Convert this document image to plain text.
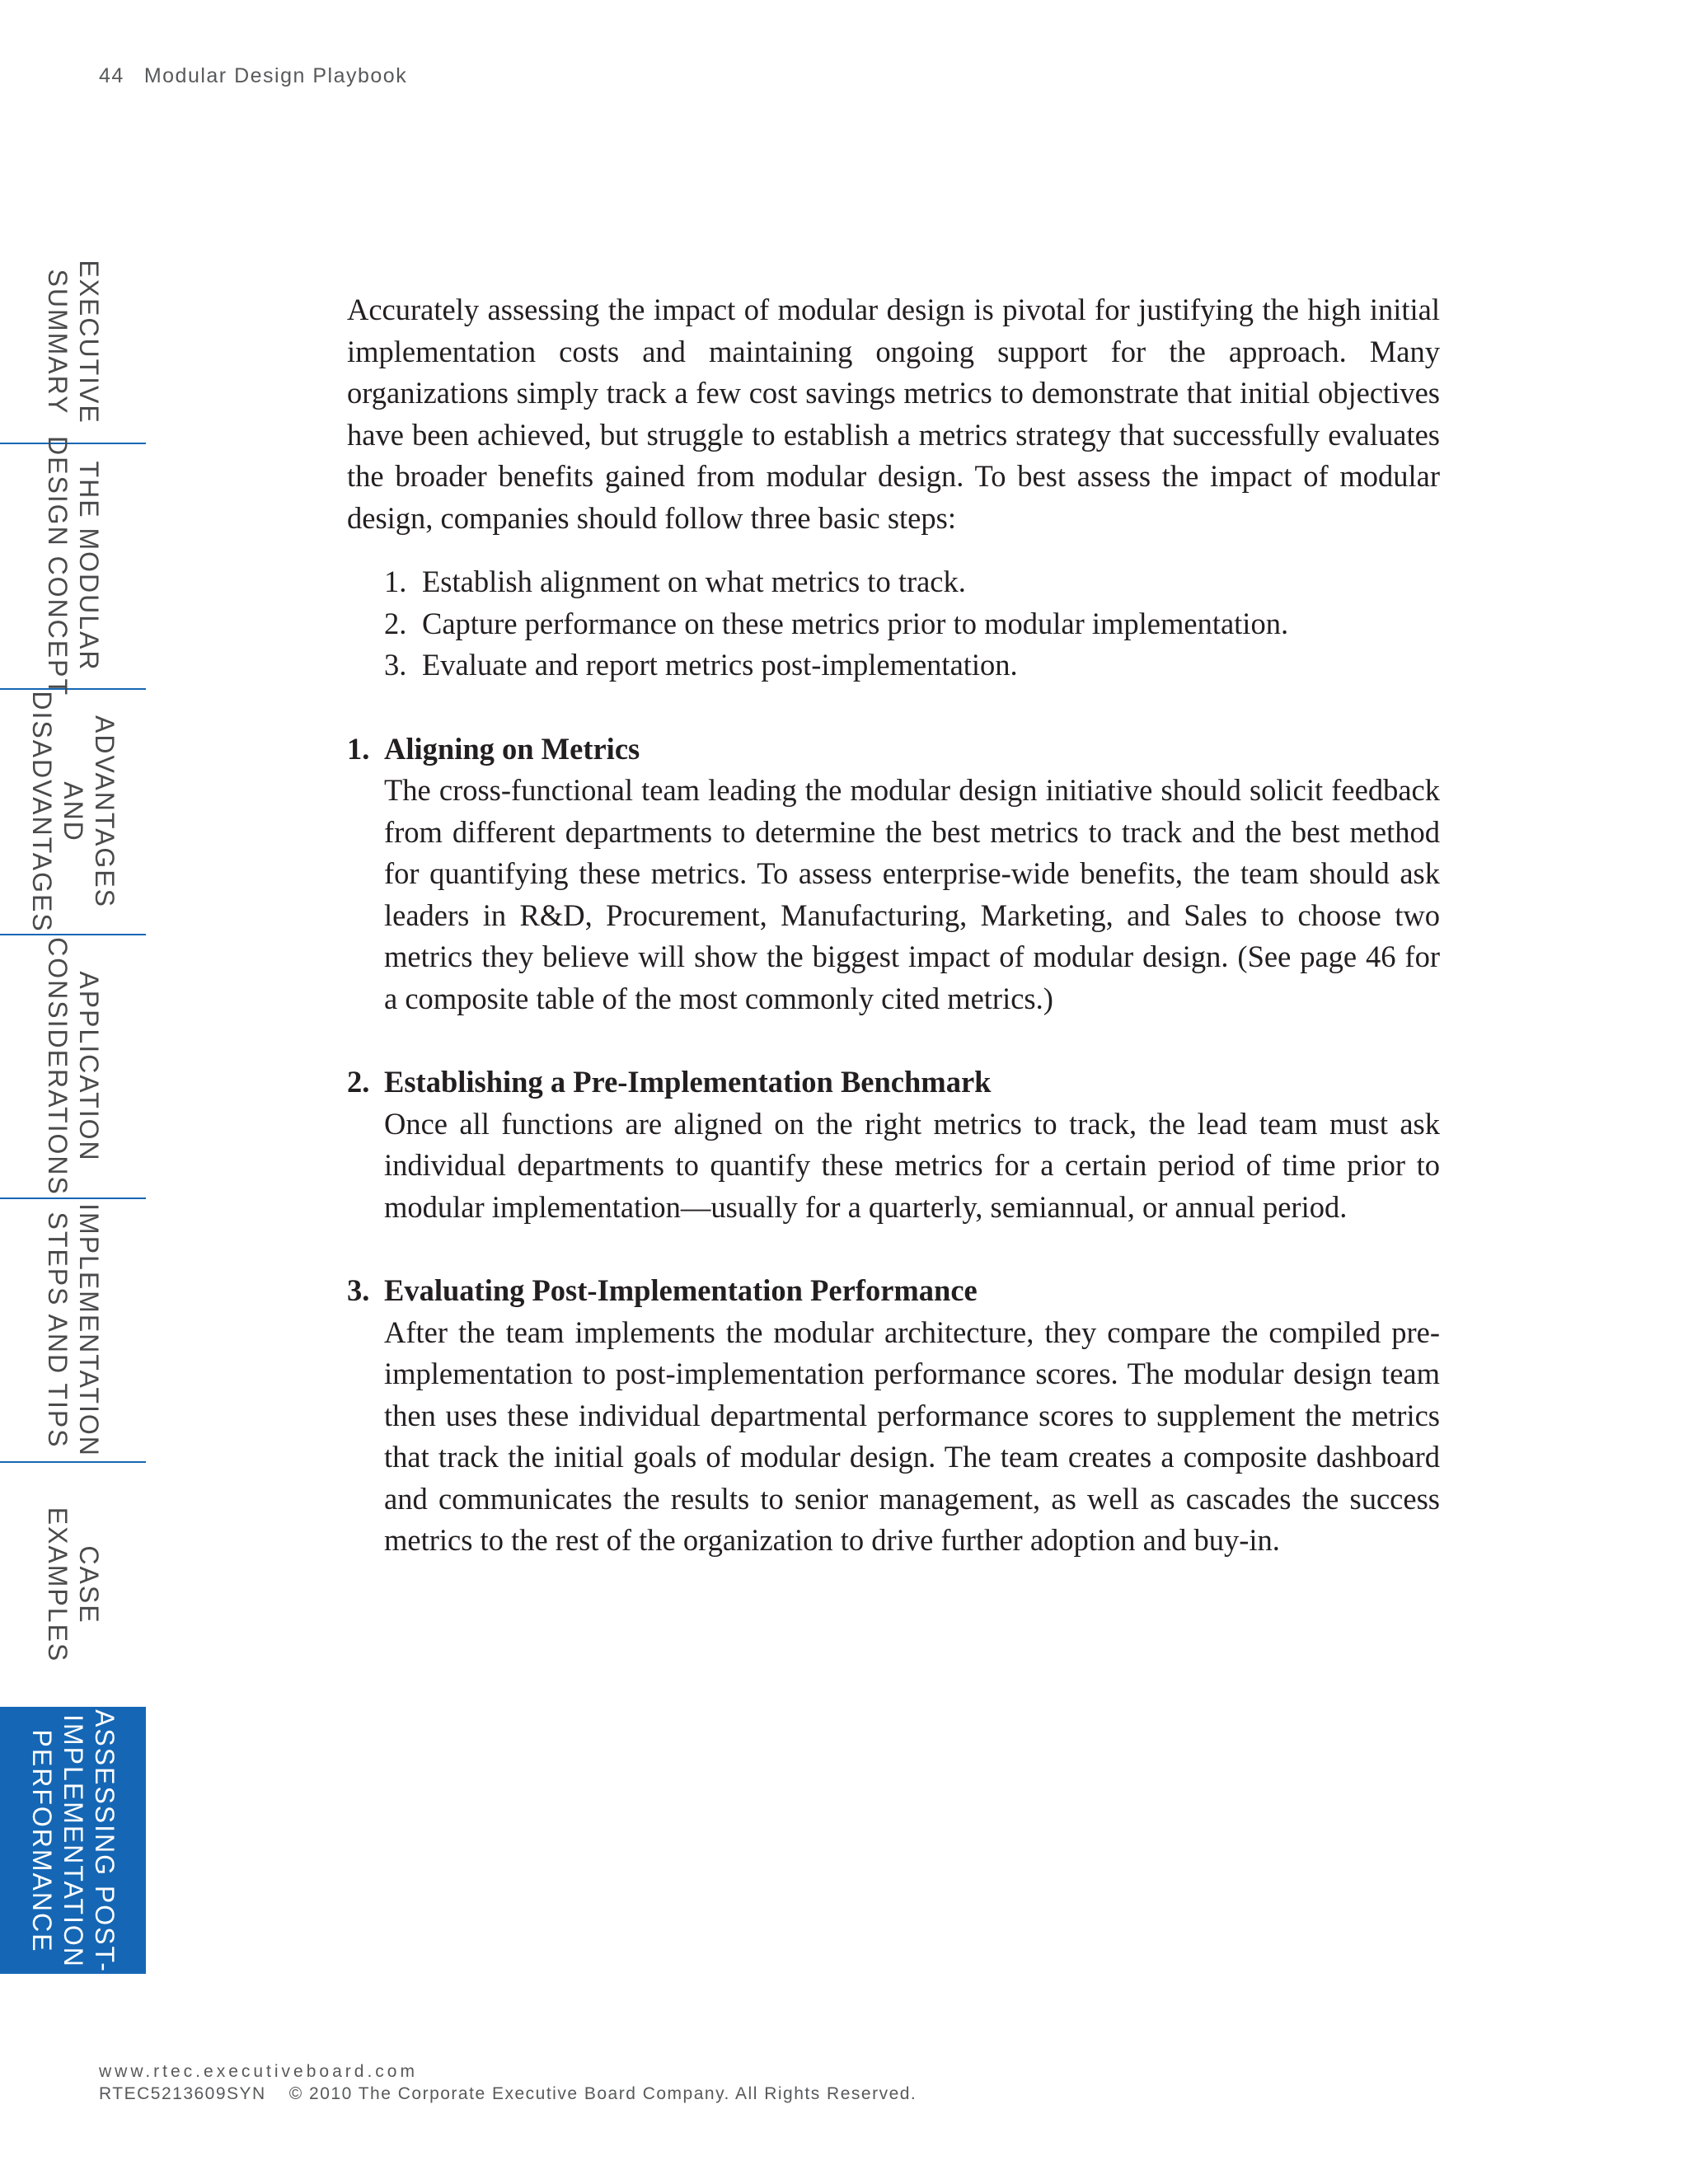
44 Modular Design Playbook
EXECUTIVE
SUMMARY
THE MODULAR
DESIGN CONCEPT
ADVANTAGES
AND
DISADVANTAGES
APPLICATION
CONSIDERATIONS
IMPLEMENTATION
STEPS AND TIPS
CASE
EXAMPLES
ASSESSING POST-
IMPLEMENTATION
PERFORMANCE

Accurately assessing the impact of modular design is pivotal for justifying the high initial implementation costs and maintaining ongoing support for the approach. Many organizations simply track a few cost savings metrics to demonstrate that initial objectives have been achieved, but struggle to establish a metrics strategy that successfully evaluates the broader benefits gained from modular design. To best assess the impact of modular design, companies should follow three basic steps:

1. Establish alignment on what metrics to track.
2. Capture performance on these metrics prior to modular implementation.
3. Evaluate and report metrics post-implementation.
1. Aligning on Metrics

The cross-functional team leading the modular design initiative should solicit feedback from different departments to determine the best metrics to track and the best method for quantifying these metrics. To assess enterprise-wide benefits, the team should ask leaders in R&D, Procurement, Manufacturing, Marketing, and Sales to choose two metrics they believe will show the biggest impact of modular design. (See page 46 for a composite table of the most commonly cited metrics.)

2. Establishing a Pre-Implementation Benchmark

Once all functions are aligned on the right metrics to track, the lead team must ask individual departments to quantify these metrics for a certain period of time prior to modular implementation—usually for a quarterly, semiannual, or annual period.

3. Evaluating Post-Implementation Performance

After the team implements the modular architecture, they compare the compiled pre-implementation to post-implementation performance scores. The modular design team then uses these individual departmental performance scores to supplement the metrics that track the initial goals of modular design. The team creates a composite dashboard and communicates the results to senior management, as well as cascades the success metrics to the rest of the organization to drive further adoption and buy-in.

www.rtec.executiveboard.com
RTEC5213609SYN © 2010 The Corporate Executive Board Company. All Rights Reserved.
